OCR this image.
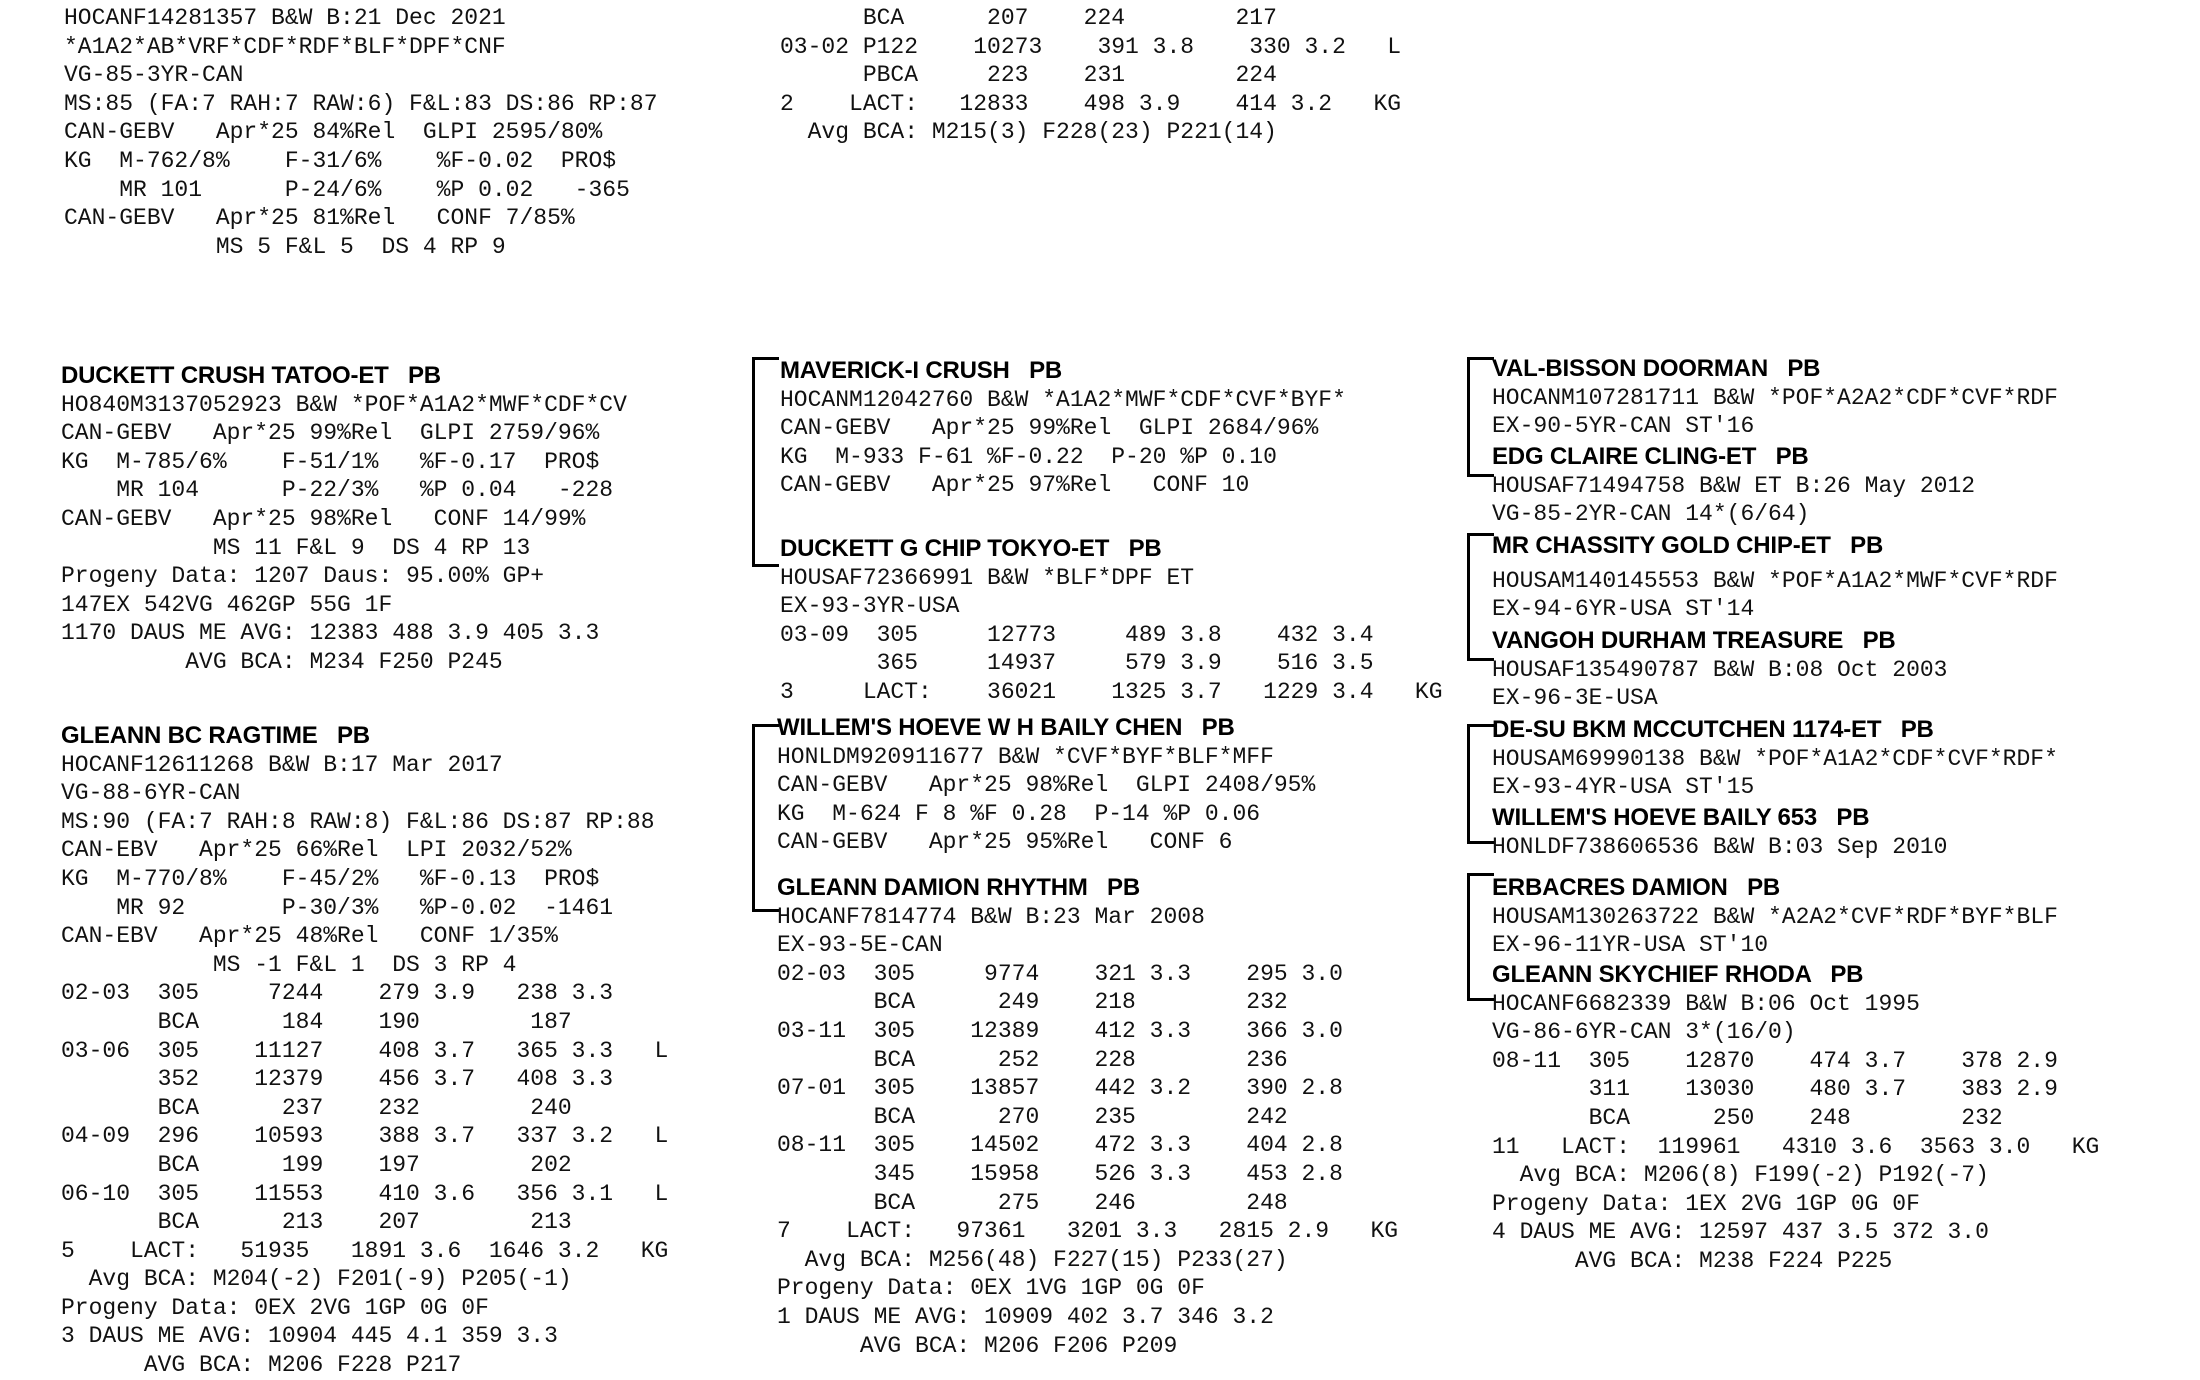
HOCANF14281357 B&W B:21 Dec 2021
*A1A2*AB*VRF*CDF*RDF*BLF*DPF*CNF
VG-85-3YR-CAN
MS:85 (FA:7 RAH:7 RAW:6) F&L:83 DS:86 RP:87
CAN-GEBV   Apr*25 84%Rel  GLPI 2595/80%
KG  M-762/8%    F-31/6%    %F-0.02  PRO$
MR 101      P-24/6%    %P 0.02   -365
CAN-GEBV   Apr*25 81%Rel   CONF 7/85%
MS 5 F&L 5  DS 4 RP 9
BCA      207    224        217
03-02 P122    10273    391 3.8    330 3.2   L
PBCA     223    231        224
2    LACT:   12833    498 3.9    414 3.2   KG
Avg BCA: M215(3) F228(23) P221(14)
DUCKETT CRUSH TATOO-ET   PB
HO840M3137052923 B&W *POF*A1A2*MWF*CDF*CV
CAN-GEBV   Apr*25 99%Rel  GLPI 2759/96%
KG  M-785/6%    F-51/1%   %F-0.17  PRO$
MR 104      P-22/3%   %P 0.04   -228
CAN-GEBV   Apr*25 98%Rel   CONF 14/99%
MS 11 F&L 9  DS 4 RP 13
Progeny Data: 1207 Daus: 95.00% GP+
147EX 542VG 462GP 55G 1F
1170 DAUS ME AVG: 12383 488 3.9 405 3.3
AVG BCA: M234 F250 P245
GLEANN BC RAGTIME   PB
HOCANF12611268 B&W B:17 Mar 2017
VG-88-6YR-CAN
MS:90 (FA:7 RAH:8 RAW:8) F&L:86 DS:87 RP:88
CAN-EBV   Apr*25 66%Rel  LPI 2032/52%
KG  M-770/8%    F-45/2%   %F-0.13  PRO$
MR 92       P-30/3%   %P-0.02  -1461
CAN-EBV   Apr*25 48%Rel   CONF 1/35%
MS -1 F&L 1  DS 3 RP 4
02-03  305     7244    279 3.9   238 3.3
BCA      184    190        187
03-06  305    11127    408 3.7   365 3.3   L
352    12379    456 3.7   408 3.3
BCA      237    232        240
04-09  296    10593    388 3.7   337 3.2   L
BCA      199    197        202
06-10  305    11553    410 3.6   356 3.1   L
BCA      213    207        213
5    LACT:   51935   1891 3.6  1646 3.2   KG
Avg BCA: M204(-2) F201(-9) P205(-1)
Progeny Data: 0EX 2VG 1GP 0G 0F
3 DAUS ME AVG: 10904 445 4.1 359 3.3
AVG BCA: M206 F228 P217
MAVERICK-I CRUSH   PB
HOCANM12042760 B&W *A1A2*MWF*CDF*CVF*BYF*
CAN-GEBV   Apr*25 99%Rel  GLPI 2684/96%
KG  M-933 F-61 %F-0.22  P-20 %P 0.10
CAN-GEBV   Apr*25 97%Rel   CONF 10
DUCKETT G CHIP TOKYO-ET   PB
HOUSAF72366991 B&W *BLF*DPF ET
EX-93-3YR-USA
03-09  305     12773     489 3.8    432 3.4
365     14937     579 3.9    516 3.5
3     LACT:    36021    1325 3.7   1229 3.4   KG
WILLEM'S HOEVE W H BAILY CHEN   PB
HONLDM920911677 B&W *CVF*BYF*BLF*MFF
CAN-GEBV   Apr*25 98%Rel  GLPI 2408/95%
KG  M-624 F 8 %F 0.28  P-14 %P 0.06
CAN-GEBV   Apr*25 95%Rel   CONF 6
GLEANN DAMION RHYTHM   PB
HOCANF7814774 B&W B:23 Mar 2008
EX-93-5E-CAN
02-03  305     9774    321 3.3    295 3.0
BCA      249    218        232
03-11  305    12389    412 3.3    366 3.0
BCA      252    228        236
07-01  305    13857    442 3.2    390 2.8
BCA      270    235        242
08-11  305    14502    472 3.3    404 2.8
345    15958    526 3.3    453 2.8
BCA      275    246        248
7    LACT:   97361   3201 3.3   2815 2.9   KG
Avg BCA: M256(48) F227(15) P233(27)
Progeny Data: 0EX 1VG 1GP 0G 0F
1 DAUS ME AVG: 10909 402 3.7 346 3.2
AVG BCA: M206 F206 P209
VAL-BISSON DOORMAN   PB
HOCANM107281711 B&W *POF*A2A2*CDF*CVF*RDF
EX-90-5YR-CAN ST'16
EDG CLAIRE CLING-ET   PB
HOUSAF71494758 B&W ET B:26 May 2012
VG-85-2YR-CAN 14*(6/64)
MR CHASSITY GOLD CHIP-ET   PB
HOUSAM140145553 B&W *POF*A1A2*MWF*CVF*RDF
EX-94-6YR-USA ST'14
VANGOH DURHAM TREASURE   PB
HOUSAF135490787 B&W B:08 Oct 2003
EX-96-3E-USA
DE-SU BKM MCCUTCHEN 1174-ET   PB
HOUSAM69990138 B&W *POF*A1A2*CDF*CVF*RDF*
EX-93-4YR-USA ST'15
WILLEM'S HOEVE BAILY 653   PB
HONLDF738606536 B&W B:03 Sep 2010
ERBACRES DAMION   PB
HOUSAM130263722 B&W *A2A2*CVF*RDF*BYF*BLF
EX-96-11YR-USA ST'10
GLEANN SKYCHIEF RHODA   PB
HOCANF6682339 B&W B:06 Oct 1995
VG-86-6YR-CAN 3*(16/0)
08-11  305    12870    474 3.7    378 2.9
311    13030    480 3.7    383 2.9
BCA      250    248        232
11   LACT:  119961   4310 3.6  3563 3.0   KG
Avg BCA: M206(8) F199(-2) P192(-7)
Progeny Data: 1EX 2VG 1GP 0G 0F
4 DAUS ME AVG: 12597 437 3.5 372 3.0
AVG BCA: M238 F224 P225
